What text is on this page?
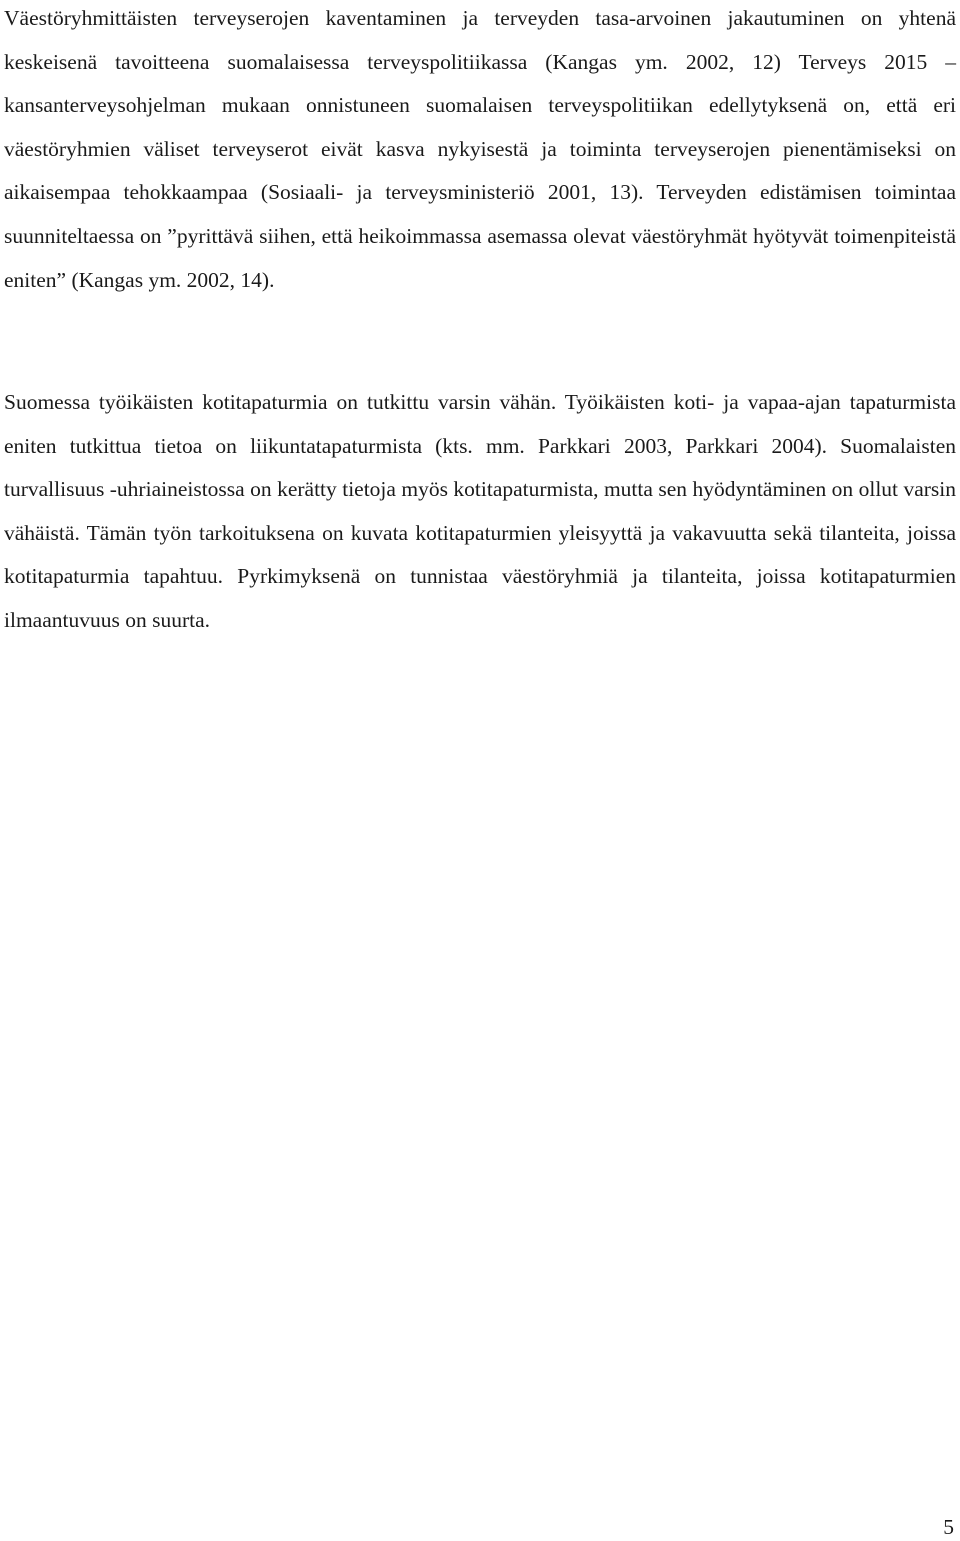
Väestöryhmittäisten terveyserojen kaventaminen ja terveyden tasa-arvoinen jakautuminen on yhtenä keskeisenä tavoitteena suomalaisessa terveyspolitiikassa (Kangas ym. 2002, 12) Terveys 2015 –kansanterveysohjelman mukaan onnistuneen suomalaisen terveyspolitiikan edellytyksenä on, että eri väestöryhmien väliset terveyserot eivät kasva nykyisestä ja toiminta terveyserojen pienentämiseksi on aikaisempaa tehokkaampaa (Sosiaali- ja terveysministeriö 2001, 13). Terveyden edistämisen toimintaa suunniteltaessa on ”pyrittävä siihen, että heikoimmassa asemassa olevat väestöryhmät hyötyvät toimenpiteistä eniten” (Kangas ym. 2002, 14).

Suomessa työikäisten kotitapaturmia on tutkittu varsin vähän. Työikäisten koti- ja vapaa-ajan tapaturmista eniten tutkittua tietoa on liikuntatapaturmista (kts. mm. Parkkari 2003, Parkkari 2004). Suomalaisten turvallisuus -uhriaineistossa on kerätty tietoja myös kotitapaturmista, mutta sen hyödyntäminen on ollut varsin vähäistä. Tämän työn tarkoituksena on kuvata kotitapaturmien yleisyyttä ja vakavuutta sekä tilanteita, joissa kotitapaturmia tapahtuu. Pyrkimyksenä on tunnistaa väestöryhmiä ja tilanteita, joissa kotitapaturmien ilmaantuvuus on suurta.

5
